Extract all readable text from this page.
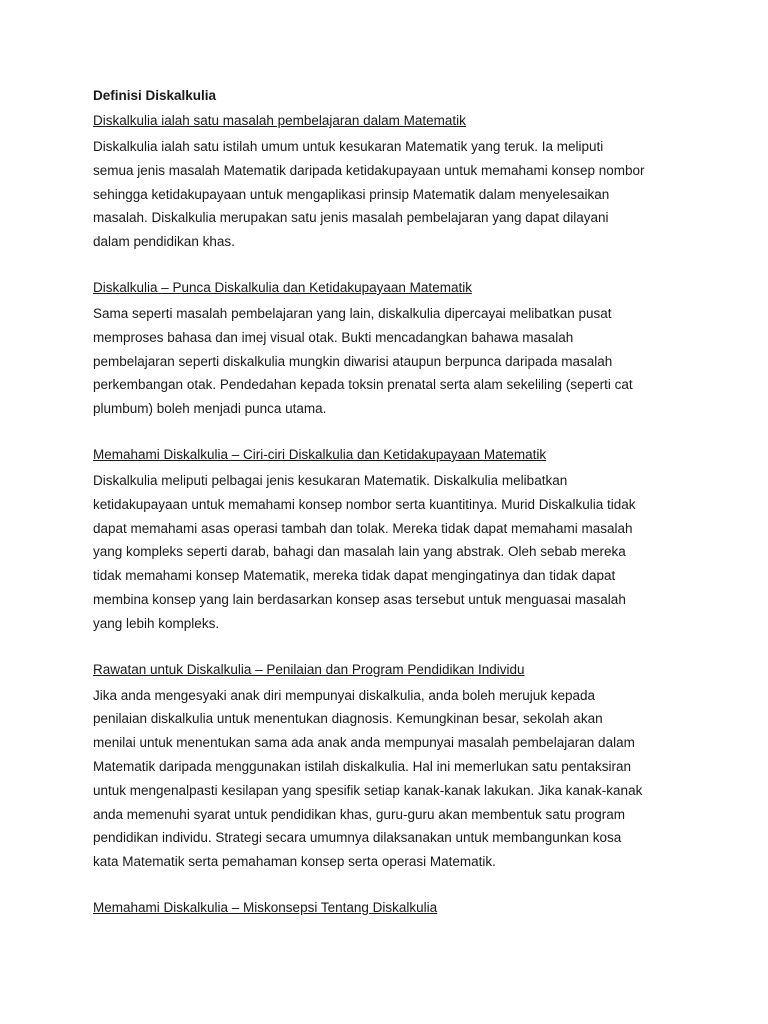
Definisi Diskalkulia
Diskalkulia ialah satu masalah pembelajaran dalam Matematik
Diskalkulia ialah satu istilah umum untuk kesukaran Matematik yang teruk. Ia meliputi
semua jenis masalah Matematik daripada ketidakupayaan untuk memahami konsep nombor
sehingga ketidakupayaan untuk mengaplikasi prinsip Matematik dalam menyelesaikan
masalah. Diskalkulia merupakan satu jenis masalah pembelajaran yang dapat dilayani
dalam pendidikan khas.
Diskalkulia – Punca Diskalkulia dan Ketidakupayaan Matematik
Sama seperti masalah pembelajaran yang lain, diskalkulia dipercayai melibatkan pusat
memproses bahasa dan imej visual otak. Bukti mencadangkan bahawa masalah
pembelajaran seperti diskalkulia mungkin diwarisi ataupun berpunca daripada masalah
perkembangan otak. Pendedahan kepada toksin prenatal serta alam sekeliling (seperti cat
plumbum) boleh menjadi punca utama.
Memahami Diskalkulia – Ciri-ciri Diskalkulia dan Ketidakupayaan Matematik
Diskalkulia meliputi pelbagai jenis kesukaran Matematik. Diskalkulia melibatkan
ketidakupayaan untuk memahami konsep nombor serta kuantitinya. Murid Diskalkulia tidak
dapat memahami asas operasi tambah dan tolak. Mereka tidak dapat memahami masalah
yang kompleks seperti darab, bahagi dan masalah lain yang abstrak. Oleh sebab mereka
tidak memahami konsep Matematik, mereka tidak dapat mengingatinya dan tidak dapat
membina konsep yang lain berdasarkan konsep asas tersebut untuk menguasai masalah
yang lebih kompleks.
Rawatan untuk Diskalkulia – Penilaian dan Program Pendidikan Individu
Jika anda mengesyaki anak diri mempunyai diskalkulia, anda boleh merujuk kepada
penilaian diskalkulia untuk menentukan diagnosis. Kemungkinan besar, sekolah akan
menilai untuk menentukan sama ada anak anda mempunyai masalah pembelajaran dalam
Matematik daripada menggunakan istilah diskalkulia. Hal ini memerlukan satu pentaksiran
untuk mengenalpasti kesilapan yang spesifik setiap kanak-kanak lakukan. Jika kanak-kanak
anda memenuhi syarat untuk pendidikan khas, guru-guru akan membentuk satu program
pendidikan individu. Strategi secara umumnya dilaksanakan untuk membangunkan kosa
kata Matematik serta pemahaman konsep serta operasi Matematik.
Memahami Diskalkulia – Miskonsepsi Tentang Diskalkulia
